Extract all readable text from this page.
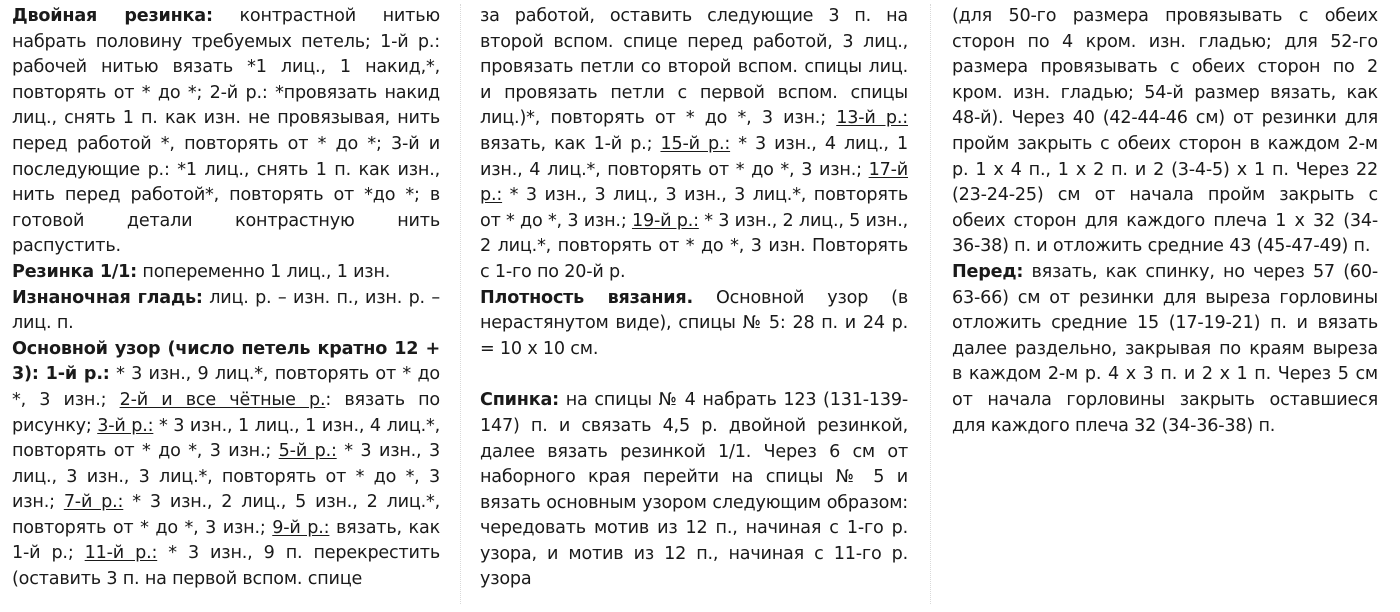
Двойная резинка: контрастной нитью набрать половину требуемых петель; 1-й р.: рабочей нитью вязать *1 лиц., 1 накид,*, повторять от * до *; 2-й р.: *провязать накид лиц., снять 1 п. как изн. не провязывая, нить перед работой *, повторять от * до *; 3-й и последующие р.: *1 лиц., снять 1 п. как изн., нить перед работой*, повторять от *до *; в готовой детали контрастную нить распустить.

Резинка 1/1: попеременно 1 лиц., 1 изн.

Изнаночная гладь: лиц. р. – изн. п., изн. р. – лиц. п.

Основной узор (число петель кратно 12 + 3): 1-й р.: * 3 изн., 9 лиц.*, повторять от * до *, 3 изн.; 2-й и все чётные р.: вязать по рисунку; 3-й р.: * 3 изн., 1 лиц., 1 изн., 4 лиц.*, повторять от * до *, 3 изн.; 5-й р.: * 3 изн., 3 лиц., 3 изн., 3 лиц.*, повторять от * до *, 3 изн.; 7-й р.: * 3 изн., 2 лиц., 5 изн., 2 лиц.*, повторять от * до *, 3 изн.; 9-й р.: вязать, как 1-й р.; 11-й р.: * 3 изн., 9 п. перекрестить (оставить 3 п. на первой вспом. спице

за работой, оставить следующие 3 п. на второй вспом. спице перед работой, 3 лиц., провязать петли со второй вспом. спицы лиц. и провязать петли с первой вспом. спицы лиц.)*, повторять от * до *, 3 изн.; 13-й р.: вязать, как 1-й р.; 15-й р.: * 3 изн., 4 лиц., 1 изн., 4 лиц.*, повторять от * до *, 3 изн.; 17-й р.: * 3 изн., 3 лиц., 3 изн., 3 лиц.*, повторять от * до *, 3 изн.; 19-й р.: * 3 изн., 2 лиц., 5 изн., 2 лиц.*, повторять от * до *, 3 изн. Повторять с 1-го по 20-й р.

Плотность вязания. Основной узор (в нерастянутом виде), спицы № 5: 28 п. и 24 р. = 10 х 10 см.

Спинка: на спицы № 4 набрать 123 (131-139-147) п. и связать 4,5 р. двойной резинкой, далее вязать резинкой 1/1. Через 6 см от наборного края перейти на спицы № 5 и вязать основным узором следующим образом: чередовать мотив из 12 п., начиная с 1-го р. узора, и мотив из 12 п., начиная с 11-го р. узора

(для 50-го размера провязывать с обеих сторон по 4 кром. изн. гладью; для 52-го размера провязывать с обеих сторон по 2 кром. изн. гладью; 54-й размер вязать, как 48-й). Через 40 (42-44-46 см) от резинки для пройм закрыть с обеих сторон в каждом 2-м р. 1 х 4 п., 1 х 2 п. и 2 (3-4-5) х 1 п. Через 22 (23-24-25) см от начала пройм закрыть с обеих сторон для каждого плеча 1 х 32 (34-36-38) п. и отложить средние 43 (45-47-49) п.

Перед: вязать, как спинку, но через 57 (60-63-66) см от резинки для выреза горловины отложить средние 15 (17-19-21) п. и вязать далее раздельно, закрывая по краям выреза в каждом 2-м р. 4 х 3 п. и 2 х 1 п. Через 5 см от начала горловины закрыть оставшиеся для каждого плеча 32 (34-36-38) п.
